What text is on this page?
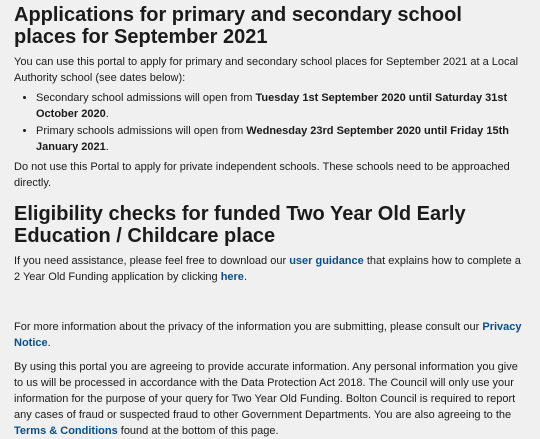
Applications for primary and secondary school places for September 2021

You can use this portal to apply for primary and secondary school places for September 2021 at a Local Authority school (see dates below):

• Secondary school admissions will open from Tuesday 1st September 2020 until Saturday 31st October 2020.
• Primary schools admissions will open from Wednesday 23rd September 2020 until Friday 15th January 2021.

Do not use this Portal to apply for private independent schools. These schools need to be approached directly.

Eligibility checks for funded Two Year Old Early Education / Childcare place

If you need assistance, please feel free to download our user guidance that explains how to complete a 2 Year Old Funding application by clicking here.

For more information about the privacy of the information you are submitting, please consult our Privacy Notice.

By using this portal you are agreeing to provide accurate information. Any personal information you give to us will be processed in accordance with the Data Protection Act 2018. The Council will only use your information for the purpose of your query for Two Year Old Funding. Bolton Council is required to report any cases of fraud or suspected fraud to other Government Departments. You are also agreeing to the Terms & Conditions found at the bottom of this page.
